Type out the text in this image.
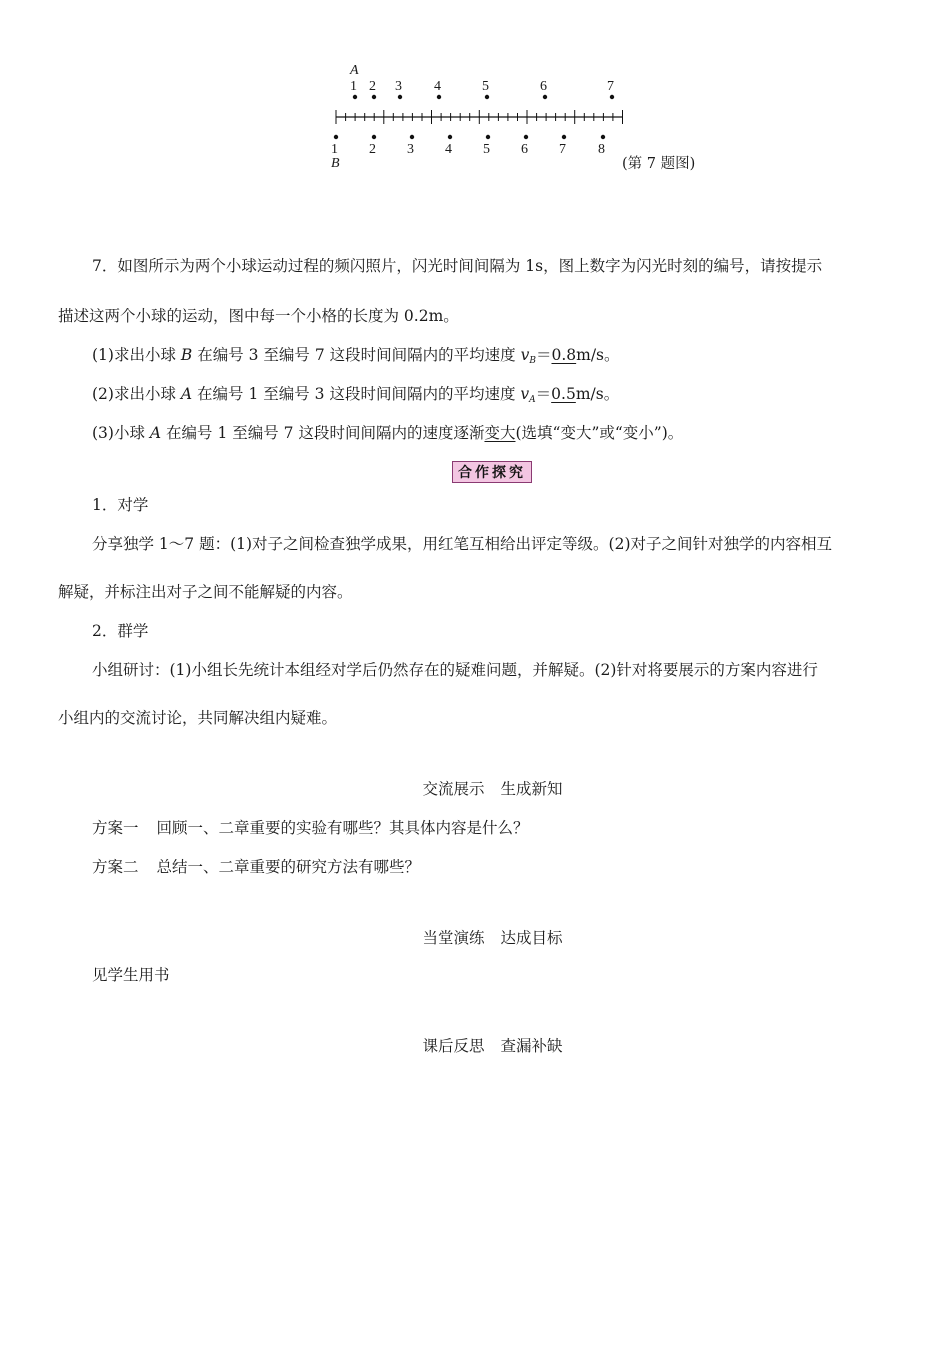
A
1 2 3 4	5	6	7
1 2 3 4 5 6 7 8
B	(第 7 题图)
7．如图所示为两个小球运动过程的频闪照片，闪光时间间隔为 1s，图上数字为闪光时刻的编号，请按提示
描述这两个小球的运动，图中每一个小格的长度为 0.2m。
(1)求出小球 B 在编号 3 至编号 7 这段时间间隔内的平均速度 $v_B=0.8m/s$。
(2)求出小球 A 在编号 1 至编号 3 这段时间间隔内的平均速度 $v_A=0.5m/s$。
(3)小球 A 在编号 1 至编号 7 这段时间间隔内的速度逐渐变大(选填“变大”或“变小”)。
合作探究
1．对学
分享独学 1～7 题：(1)对子之间检查独学成果，用红笔互相给出评定等级。(2)对子之间针对独学的内容相互
解疑，并标注出对子之间不能解疑的内容。
2．群学
小组研讨：(1)小组长先统计本组经对学后仍然存在的疑难问题，并解疑。(2)针对将要展示的方案内容进行
小组内的交流讨论，共同解决组内疑难。
交流展示 生成新知
方案一 回顾一、二章重要的实验有哪些？其具体内容是什么？
方案二 总结一、二章重要的研究方法有哪些？
当堂演练 达成目标
见学生用书
课后反思 查漏补缺
